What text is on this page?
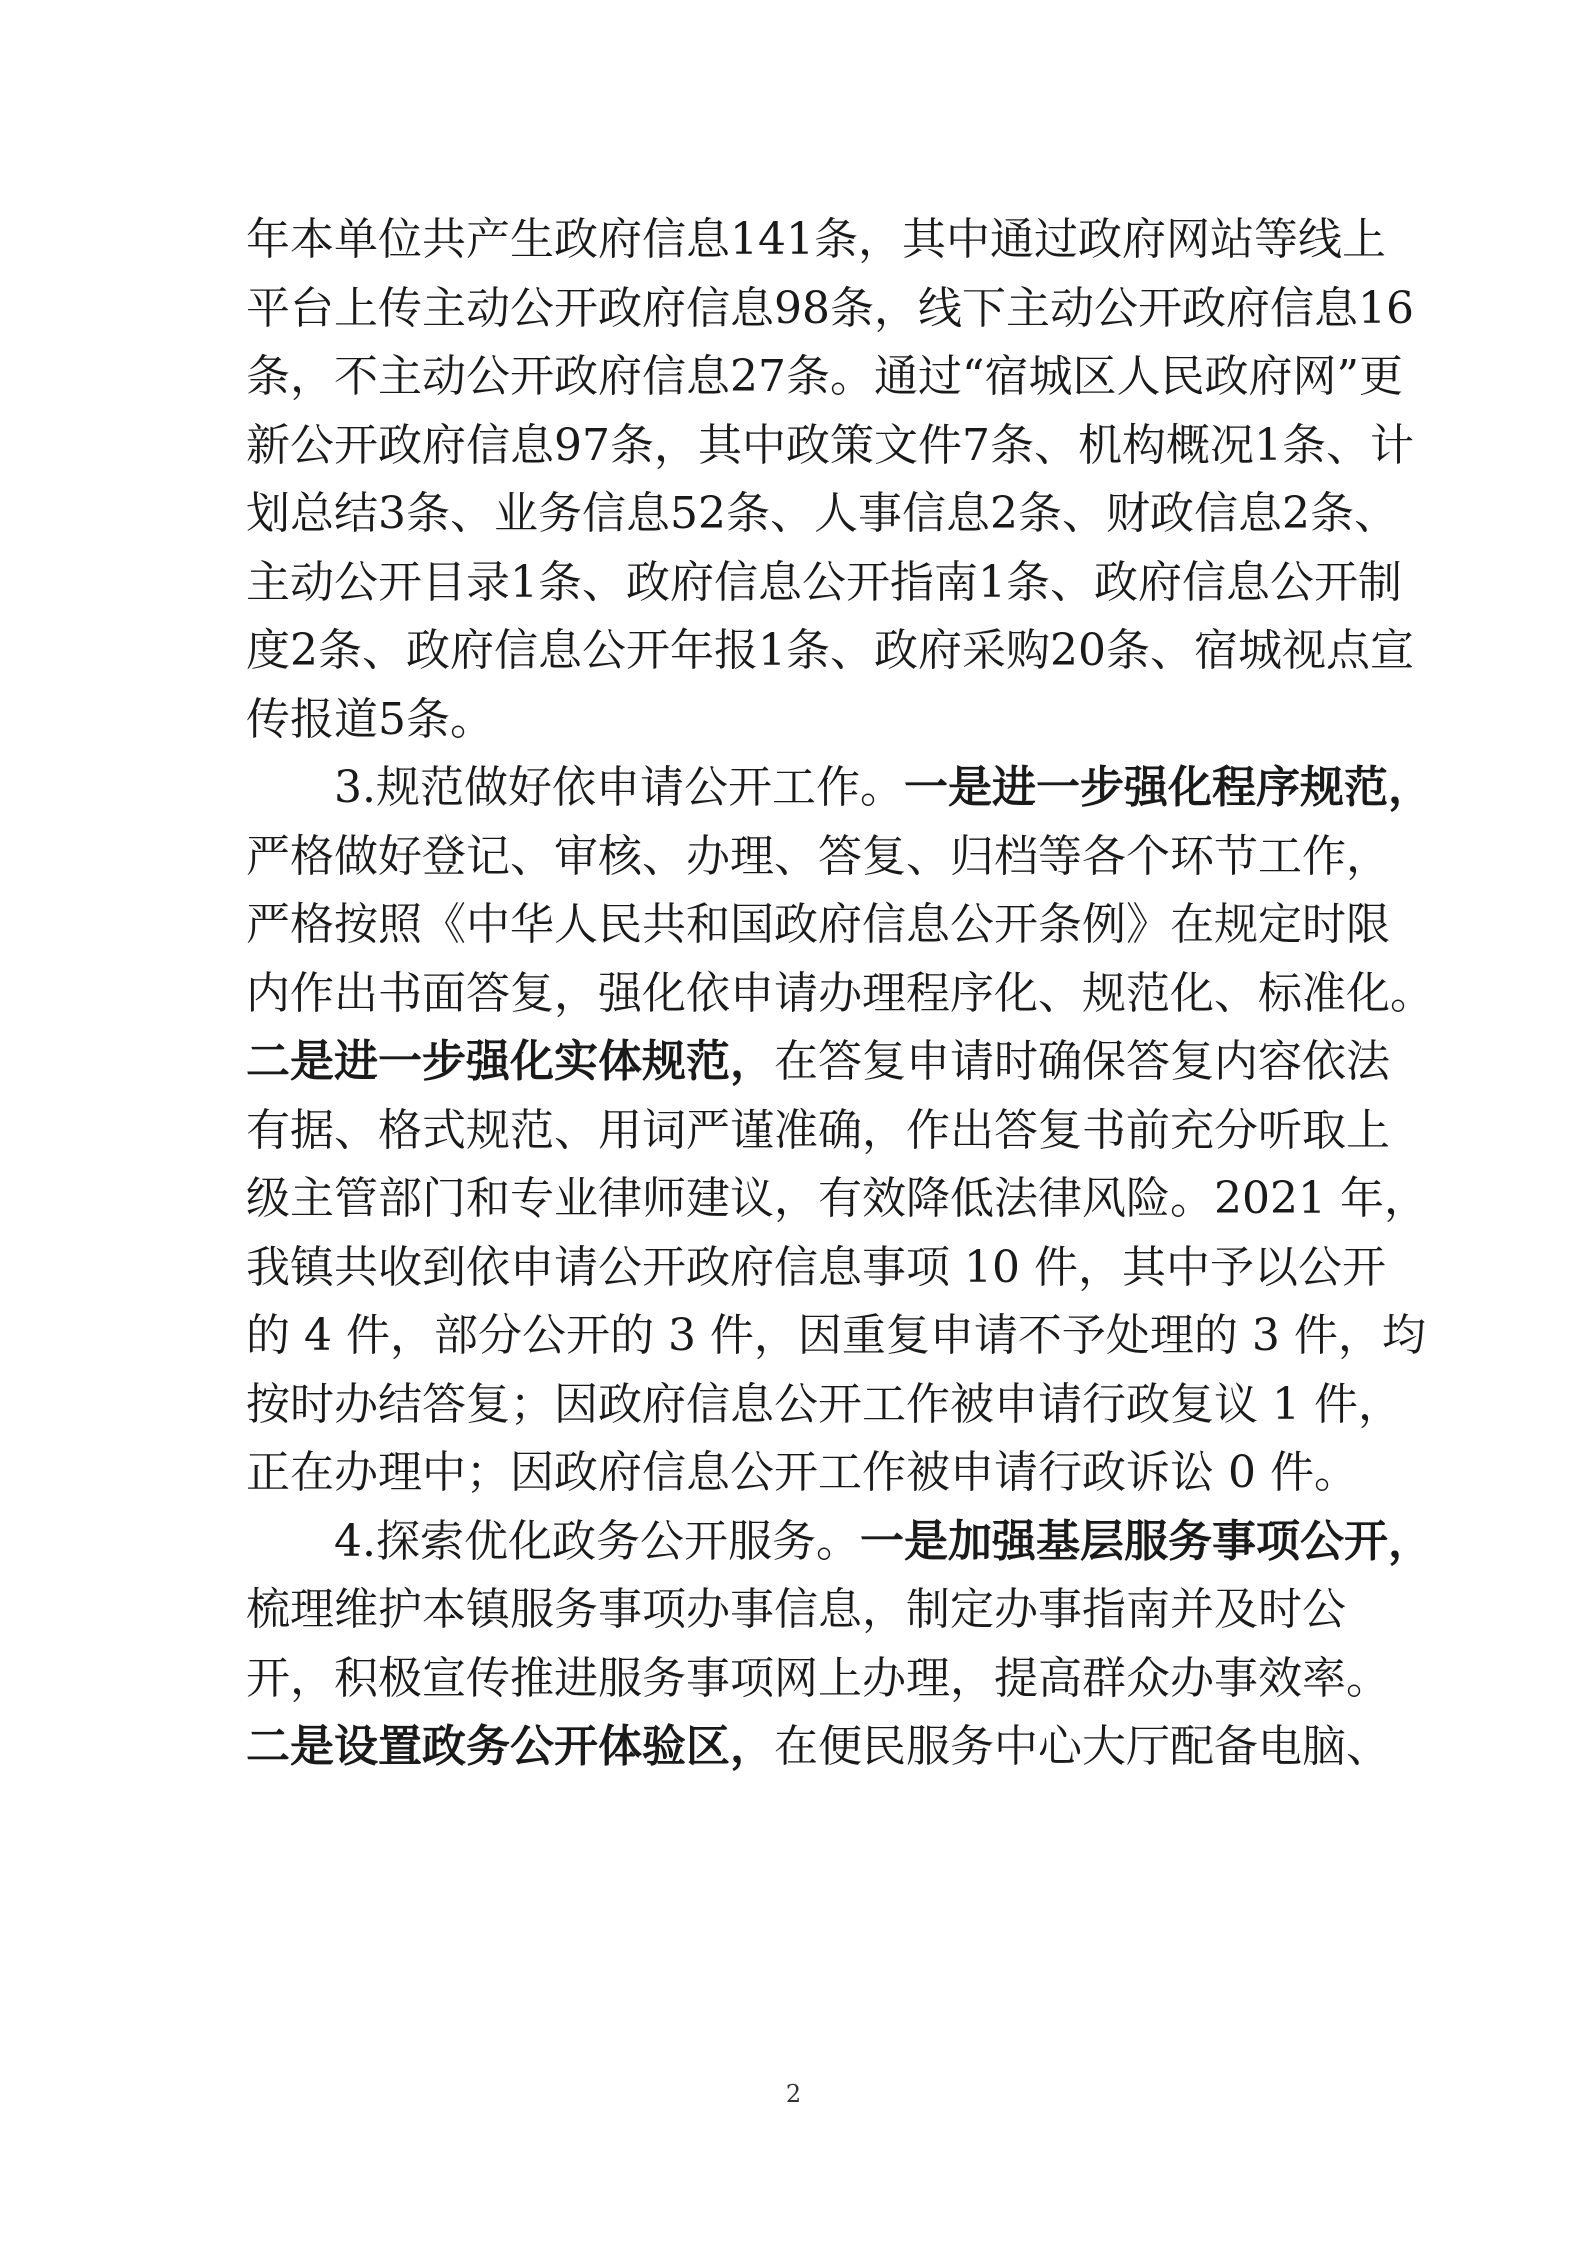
年本单位共产生政府信息141条，其中通过政府网站等线上
平台上传主动公开政府信息98条，线下主动公开政府信息16
条，不主动公开政府信息27条。通过“宿城区人民政府网”更
新公开政府信息97条，其中政策文件7条、机构概况1条、计
划总结3条、业务信息52条、人事信息2条、财政信息2条、
主动公开目录1条、政府信息公开指南1条、政府信息公开制
度2条、政府信息公开年报1条、政府采购20条、宿城视点宣
传报道5条。
3.规范做好依申请公开工作。一是进一步强化程序规范，
严格做好登记、审核、办理、答复、归档等各个环节工作，
严格按照《中华人民共和国政府信息公开条例》在规定时限
内作出书面答复，强化依申请办理程序化、规范化、标准化。
二是进一步强化实体规范，在答复申请时确保答复内容依法
有据、格式规范、用词严谨准确，作出答复书前充分听取上
级主管部门和专业律师建议，有效降低法律风险。2021 年，
我镇共收到依申请公开政府信息事项 10 件，其中予以公开
的 4 件，部分公开的 3 件，因重复申请不予处理的 3 件，均
按时办结答复；因政府信息公开工作被申请行政复议 1 件，
正在办理中；因政府信息公开工作被申请行政诉讼 0 件。
4.探索优化政务公开服务。一是加强基层服务事项公开，
梳理维护本镇服务事项办事信息，制定办事指南并及时公
开，积极宣传推进服务事项网上办理，提高群众办事效率。
二是设置政务公开体验区，在便民服务中心大厅配备电脑、
2
